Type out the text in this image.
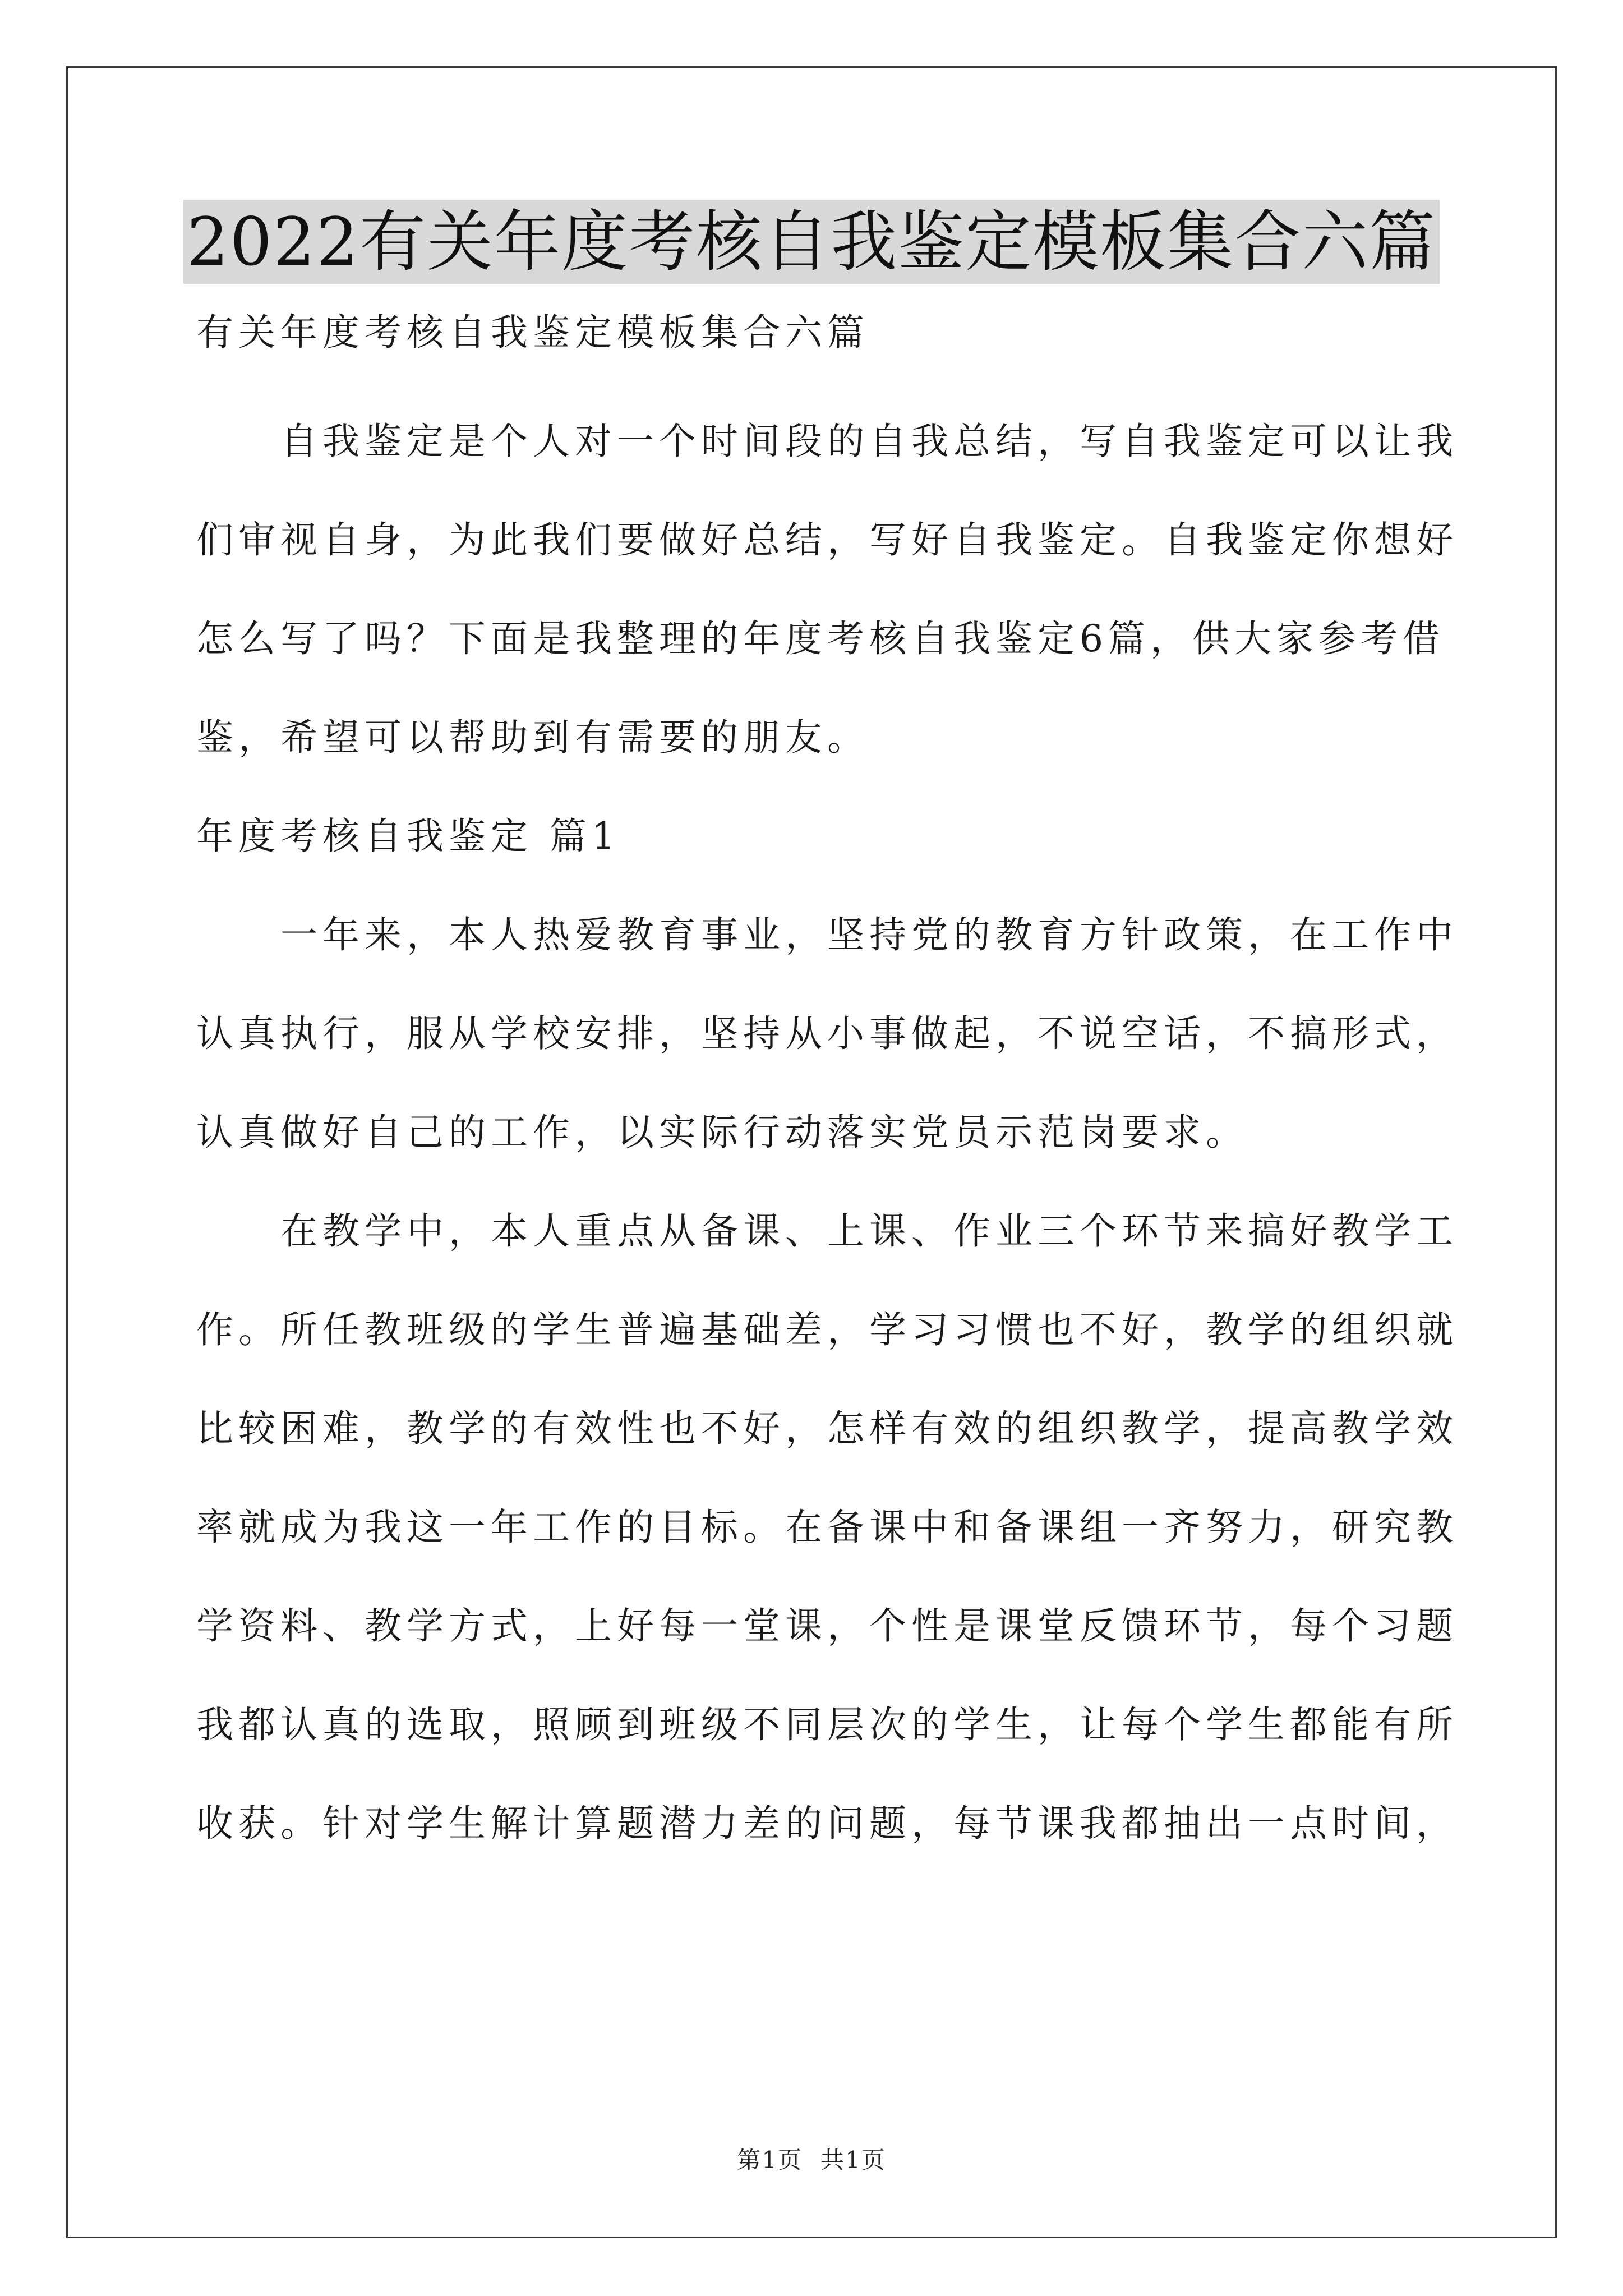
2022有关年度考核自我鉴定模板集合六篇
有关年度考核自我鉴定模板集合六篇
自我鉴定是个人对一个时间段的自我总结，写自我鉴定可以让我
们审视自身，为此我们要做好总结，写好自我鉴定。自我鉴定你想好
怎么写了吗？下面是我整理的年度考核自我鉴定6篇，供大家参考借
鉴，希望可以帮助到有需要的朋友。
年度考核自我鉴定 篇1
一年来，本人热爱教育事业，坚持党的教育方针政策，在工作中
认真执行，服从学校安排，坚持从小事做起，不说空话，不搞形式，
认真做好自己的工作，以实际行动落实党员示范岗要求。
在教学中，本人重点从备课、上课、作业三个环节来搞好教学工
作。所任教班级的学生普遍基础差，学习习惯也不好，教学的组织就
比较困难，教学的有效性也不好，怎样有效的组织教学，提高教学效
率就成为我这一年工作的目标。在备课中和备课组一齐努力，研究教
学资料、教学方式，上好每一堂课，个性是课堂反馈环节，每个习题
我都认真的选取，照顾到班级不同层次的学生，让每个学生都能有所
收获。针对学生解计算题潜力差的问题，每节课我都抽出一点时间，
第1页 共1页
